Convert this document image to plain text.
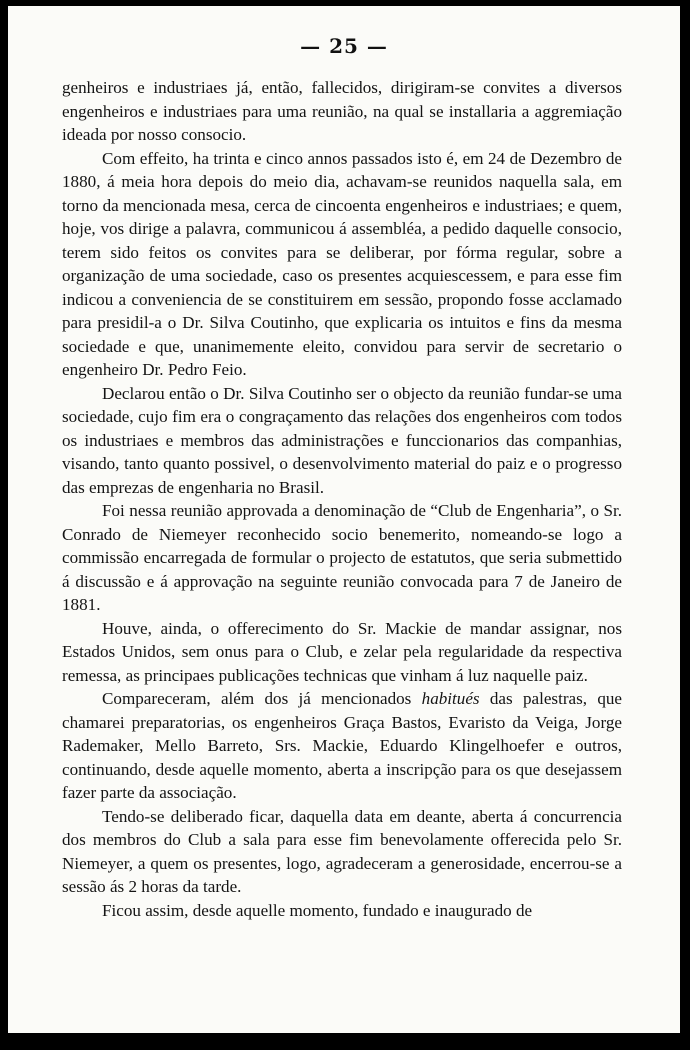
— 25 —

genheiros e industriaes já, então, fallecidos, dirigiram-se convites a diversos engenheiros e industriaes para uma reunião, na qual se installaria a aggremiação ideada por nosso consocio.

Com effeito, ha trinta e cinco annos passados isto é, em 24 de Dezembro de 1880, á meia hora depois do meio dia, achavam-se reunidos naquella sala, em torno da mencionada mesa, cerca de cincoenta engenheiros e industriaes; e quem, hoje, vos dirige a palavra, communicou á assembléa, a pedido daquelle consocio, terem sido feitos os convites para se deliberar, por fórma regular, sobre a organização de uma sociedade, caso os presentes acquiescessem, e para esse fim indicou a conveniencia de se constituirem em sessão, propondo fosse acclamado para presidil-a o Dr. Silva Coutinho, que explicaria os intuitos e fins da mesma sociedade e que, unanimemente eleito, convidou para servir de secretario o engenheiro Dr. Pedro Feio.

Declarou então o Dr. Silva Coutinho ser o objecto da reunião fundar-se uma sociedade, cujo fim era o congraçamento das relações dos engenheiros com todos os industriaes e membros das administrações e funccionarios das companhias, visando, tanto quanto possivel, o desenvolvimento material do paiz e o progresso das emprezas de engenharia no Brasil.

Foi nessa reunião approvada a denominação de “Club de Engenharia”, o Sr. Conrado de Niemeyer reconhecido socio benemerito, nomeando-se logo a commissão encarregada de formular o projecto de estatutos, que seria submettido á discussão e á approvação na seguinte reunião convocada para 7 de Janeiro de 1881.

Houve, ainda, o offerecimento do Sr. Mackie de mandar assignar, nos Estados Unidos, sem onus para o Club, e zelar pela regularidade da respectiva remessa, as principaes publicações technicas que vinham á luz naquelle paiz.

Compareceram, além dos já mencionados habitués das palestras, que chamarei preparatorias, os engenheiros Graça Bastos, Evaristo da Veiga, Jorge Rademaker, Mello Barreto, Srs. Mackie, Eduardo Klingelhoefer e outros, continuando, desde aquelle momento, aberta a inscripção para os que desejassem fazer parte da associação.

Tendo-se deliberado ficar, daquella data em deante, aberta á concurrencia dos membros do Club a sala para esse fim benevolamente offerecida pelo Sr. Niemeyer, a quem os presentes, logo, agradeceram a generosidade, encerrou-se a sessão ás 2 horas da tarde.

Ficou assim, desde aquelle momento, fundado e inaugurado de
